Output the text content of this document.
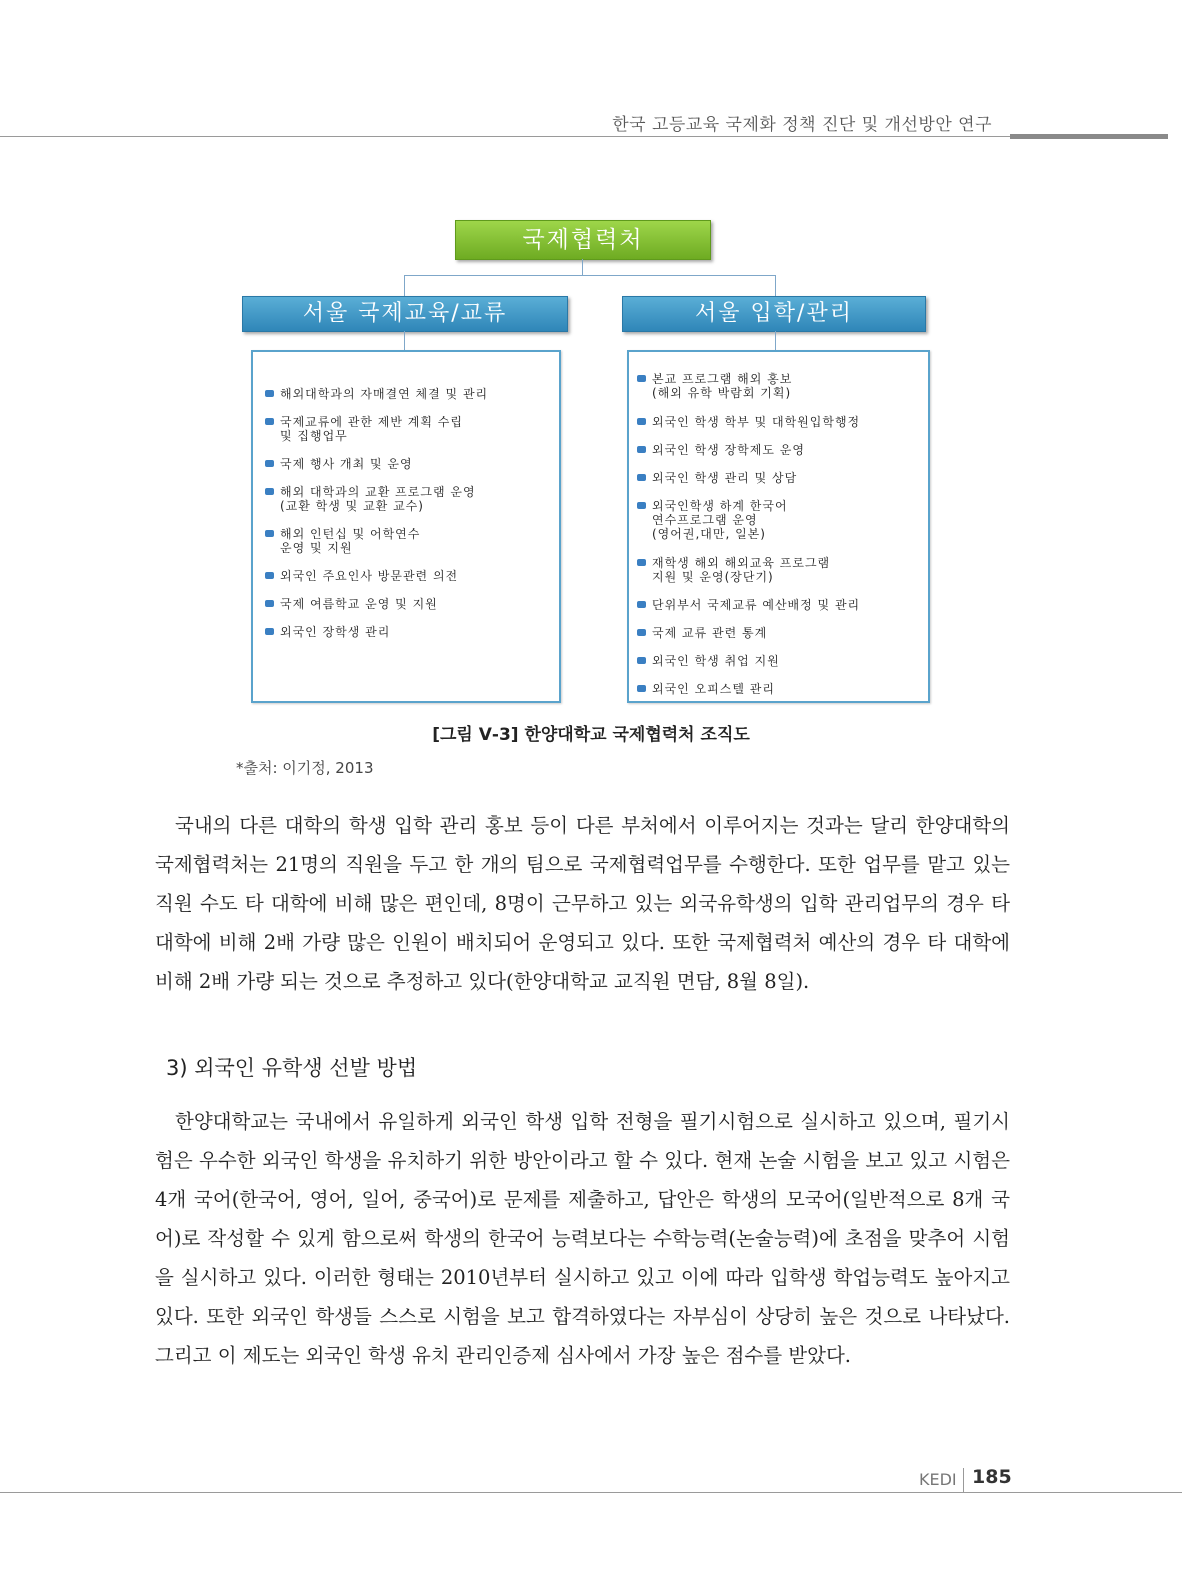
한국 고등교육 국제화 정책 진단 및 개선방안 연구
국제협력처
서울 국제교육/교류	서울 입학/관리
해외대학과의 자매결연 체결 및 관리
국제교류에 관한 제반 계획 수립
및 집행업무
국제 행사 개최 및 운영
해외 대학과의 교환 프로그램 운영
(교환 학생 및 교환 교수)
해외 인턴십 및 어학연수
운영 및 지원
외국인 주요인사 방문관련 의전
국제 여름학교 운영 및 지원
외국인 장학생 관리
본교 프로그램 해외 홍보
(해외 유학 박람회 기획)
외국인 학생 학부 및 대학원입학행정
외국인 학생 장학제도 운영
외국인 학생 관리 및 상담
외국인학생 하계 한국어
연수프로그램 운영
(영어권,대만, 일본)
재학생 해외 해외교육 프로그램
지원 및 운영(장단기)
단위부서 국제교류 예산배정 및 관리
국제 교류 관련 통계
외국인 학생 취업 지원
외국인 오피스텔 관리
[그림 Ⅴ-3] 한양대학교 국제협력처 조직도
*출처: 이기정, 2013

국내의 다른 대학의 학생 입학 관리 홍보 등이 다른 부처에서 이루어지는 것과는 달리 한양대학의 국제협력처는 21명의 직원을 두고 한 개의 팀으로 국제협력업무를 수행한다. 또한 업무를 맡고 있는 직원 수도 타 대학에 비해 많은 편인데, 8명이 근무하고 있는 외국유학생의 입학 관리업무의 경우 타 대학에 비해 2배 가량 많은 인원이 배치되어 운영되고 있다. 또한 국제협력처 예산의 경우 타 대학에 비해 2배 가량 되는 것으로 추정하고 있다(한양대학교 교직원 면담, 8월 8일).

3) 외국인 유학생 선발 방법

한양대학교는 국내에서 유일하게 외국인 학생 입학 전형을 필기시험으로 실시하고 있으며, 필기시험은 우수한 외국인 학생을 유치하기 위한 방안이라고 할 수 있다. 현재 논술 시험을 보고 있고 시험은 4개 국어(한국어, 영어, 일어, 중국어)로 문제를 제출하고, 답안은 학생의 모국어(일반적으로 8개 국어)로 작성할 수 있게 함으로써 학생의 한국어 능력보다는 수학능력(논술능력)에 초점을 맞추어 시험을 실시하고 있다. 이러한 형태는 2010년부터 실시하고 있고 이에 따라 입학생 학업능력도 높아지고 있다. 또한 외국인 학생들 스스로 시험을 보고 합격하였다는 자부심이 상당히 높은 것으로 나타났다. 그리고 이 제도는 외국인 학생 유치 관리인증제 심사에서 가장 높은 점수를 받았다.

KEDI 185
